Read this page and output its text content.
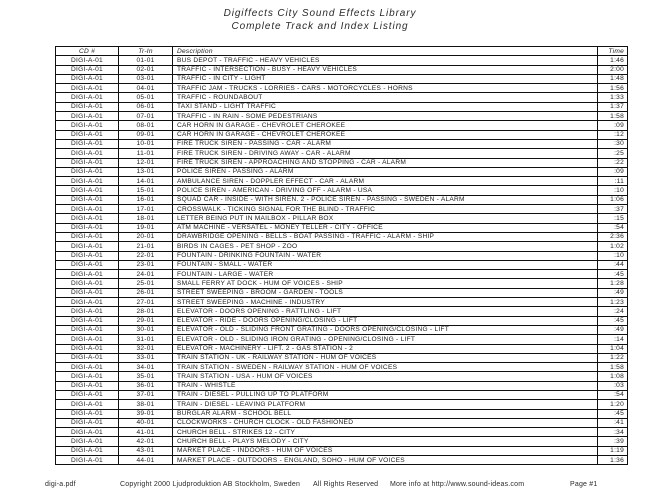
Digiffects City Sound Effects Library
Complete Track and Index Listing
CD #	Tr-In	Description	Time
DIGI-A-01	01-01	BUS DEPOT - TRAFFIC - HEAVY VEHICLES	1:46
DIGI-A-01	02-01	TRAFFIC - INTERSECTION - BUSY - HEAVY VEHICLES	2:00
DIGI-A-01	03-01	TRAFFIC - IN CITY - LIGHT	1:48
DIGI-A-01	04-01	TRAFFIC JAM - TRUCKS - LORRIES - CARS - MOTORCYCLES - HORNS	1:56
DIGI-A-01	05-01	TRAFFIC - ROUNDABOUT	1:33
DIGI-A-01	06-01	TAXI STAND - LIGHT TRAFFIC	1:37
DIGI-A-01	07-01	TRAFFIC - IN RAIN - SOME PEDESTRIANS	1:58
DIGI-A-01	08-01	CAR HORN IN GARAGE - CHEVROLET CHEROKEE	:09
DIGI-A-01	09-01	CAR HORN IN GARAGE - CHEVROLET CHEROKEE	:12
DIGI-A-01	10-01	FIRE TRUCK SIREN - PASSING - CAR - ALARM	:30
DIGI-A-01	11-01	FIRE TRUCK SIREN - DRIVING AWAY - CAR - ALARM	:25
DIGI-A-01	12-01	FIRE TRUCK SIREN - APPROACHING AND STOPPING - CAR - ALARM	:22
DIGI-A-01	13-01	POLICE SIREN - PASSING - ALARM	:09
DIGI-A-01	14-01	AMBULANCE SIREN - DOPPLER EFFECT - CAR - ALARM	:11
DIGI-A-01	15-01	POLICE SIREN - AMERICAN - DRIVING OFF - ALARM - USA	:10
DIGI-A-01	16-01	SQUAD CAR - INSIDE - WITH SIREN. 2 - POLICE SIREN - PASSING - SWEDEN - ALARM	1:06
DIGI-A-01	17-01	CROSSWALK - TICKING SIGNAL FOR THE BLIND - TRAFFIC	:37
DIGI-A-01	18-01	LETTER BEING PUT IN MAILBOX - PILLAR BOX	:15
DIGI-A-01	19-01	ATM MACHINE - VERSATEL - MONEY TELLER - CITY - OFFICE	:54
DIGI-A-01	20-01	DRAWBRIDGE OPENING - BELLS - BOAT PASSING - TRAFFIC - ALARM - SHIP	2:36
DIGI-A-01	21-01	BIRDS IN CAGES - PET SHOP - ZOO	1:02
DIGI-A-01	22-01	FOUNTAIN - DRINKING FOUNTAIN - WATER	:10
DIGI-A-01	23-01	FOUNTAIN - SMALL - WATER	:44
DIGI-A-01	24-01	FOUNTAIN - LARGE - WATER	:45
DIGI-A-01	25-01	SMALL FERRY AT DOCK - HUM OF VOICES - SHIP	1:28
DIGI-A-01	26-01	STREET SWEEPING - BROOM - GARDEN - TOOLS	:49
DIGI-A-01	27-01	STREET SWEEPING - MACHINE - INDUSTRY	1:23
DIGI-A-01	28-01	ELEVATOR - DOORS OPENING - RATTLING - LIFT	:24
DIGI-A-01	29-01	ELEVATOR - RIDE - DOORS OPENING/CLOSING - LIFT	:45
DIGI-A-01	30-01	ELEVATOR - OLD - SLIDING FRONT GRATING - DOORS OPENING/CLOSING - LIFT	:49
DIGI-A-01	31-01	ELEVATOR - OLD - SLIDING IRON GRATING - OPENING/CLOSING - LIFT	:14
DIGI-A-01	32-01	ELEVATOR - MACHINERY - LIFT. 2 - GAS STATION - 2	1:04
DIGI-A-01	33-01	TRAIN STATION - UK - RAILWAY STATION - HUM OF VOICES	1:22
DIGI-A-01	34-01	TRAIN STATION - SWEDEN - RAILWAY STATION - HUM OF VOICES	1:58
DIGI-A-01	35-01	TRAIN STATION - USA - HUM OF VOICES	1:08
DIGI-A-01	36-01	TRAIN - WHISTLE	:03
DIGI-A-01	37-01	TRAIN - DIESEL - PULLING UP TO PLATFORM	:54
DIGI-A-01	38-01	TRAIN - DIESEL - LEAVING PLATFORM	1:20
DIGI-A-01	39-01	BURGLAR ALARM - SCHOOL BELL	:45
DIGI-A-01	40-01	CLOCKWORKS - CHURCH CLOCK - OLD FASHIONED	:41
DIGI-A-01	41-01	CHURCH BELL - STRIKES 12 - CITY	:34
DIGI-A-01	42-01	CHURCH BELL - PLAYS MELODY - CITY	:39
DIGI-A-01	43-01	MARKET PLACE - INDOORS - HUM OF VOICES	1:19
DIGI-A-01	44-01	MARKET PLACE - OUTDOORS - ENGLAND, SOHO - HUM OF VOICES	1:36
digi-a.pdf	Copyright 2000 Ljudproduktion AB Stockholm, Sweden All Rights Reserved More info at http://www.sound-ideas.com	Page #1
